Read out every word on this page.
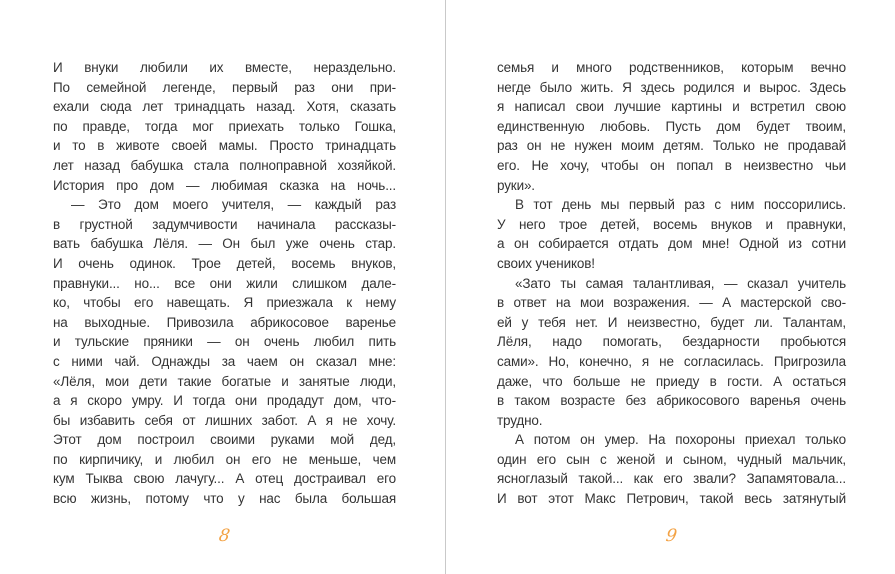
И внуки любили их вместе, нераздельно.
По семейной легенде, первый раз они при-
ехали сюда лет тринадцать назад. Хотя, сказать
по правде, тогда мог приехать только Гошка,
и то в животе своей мамы. Просто тринадцать
лет назад бабушка стала полноправной хозяйкой.
История про дом — любимая сказка на ночь...
— Это дом моего учителя, — каждый раз
в грустной задумчивости начинала рассказы-
вать бабушка Лёля. — Он был уже очень стар.
И очень одинок. Трое детей, восемь внуков,
правнуки... но... все они жили слишком дале-
ко, чтобы его навещать. Я приезжала к нему
на выходные. Привозила абрикосовое варенье
и тульские пряники — он очень любил пить
с ними чай. Однажды за чаем он сказал мне:
«Лёля, мои дети такие богатые и занятые люди,
а я скоро умру. И тогда они продадут дом, что-
бы избавить себя от лишних забот. А я не хочу.
Этот дом построил своими руками мой дед,
по кирпичику, и любил он его не меньше, чем
кум Тыква свою лачугу... А отец достраивал его
всю жизнь, потому что у нас была большая
8
семья и много родственников, которым вечно
негде было жить. Я здесь родился и вырос. Здесь
я написал свои лучшие картины и встретил свою
единственную любовь. Пусть дом будет твоим,
раз он не нужен моим детям. Только не продавай
его. Не хочу, чтобы он попал в неизвестно чьи
руки».
В тот день мы первый раз с ним поссорились.
У него трое детей, восемь внуков и правнуки,
а он собирается отдать дом мне! Одной из сотни
своих учеников!
«Зато ты самая талантливая, — сказал учитель
в ответ на мои возражения. — А мастерской сво-
ей у тебя нет. И неизвестно, будет ли. Талантам,
Лёля, надо помогать, бездарности пробьются
сами». Но, конечно, я не согласилась. Пригрозила
даже, что больше не приеду в гости. А остаться
в таком возрасте без абрикосового варенья очень
трудно.
А потом он умер. На похороны приехал только
один его сын с женой и сыном, чудный мальчик,
ясноглазый такой... как его звали? Запамятовала...
И вот этот Макс Петрович, такой весь затянутый
9
